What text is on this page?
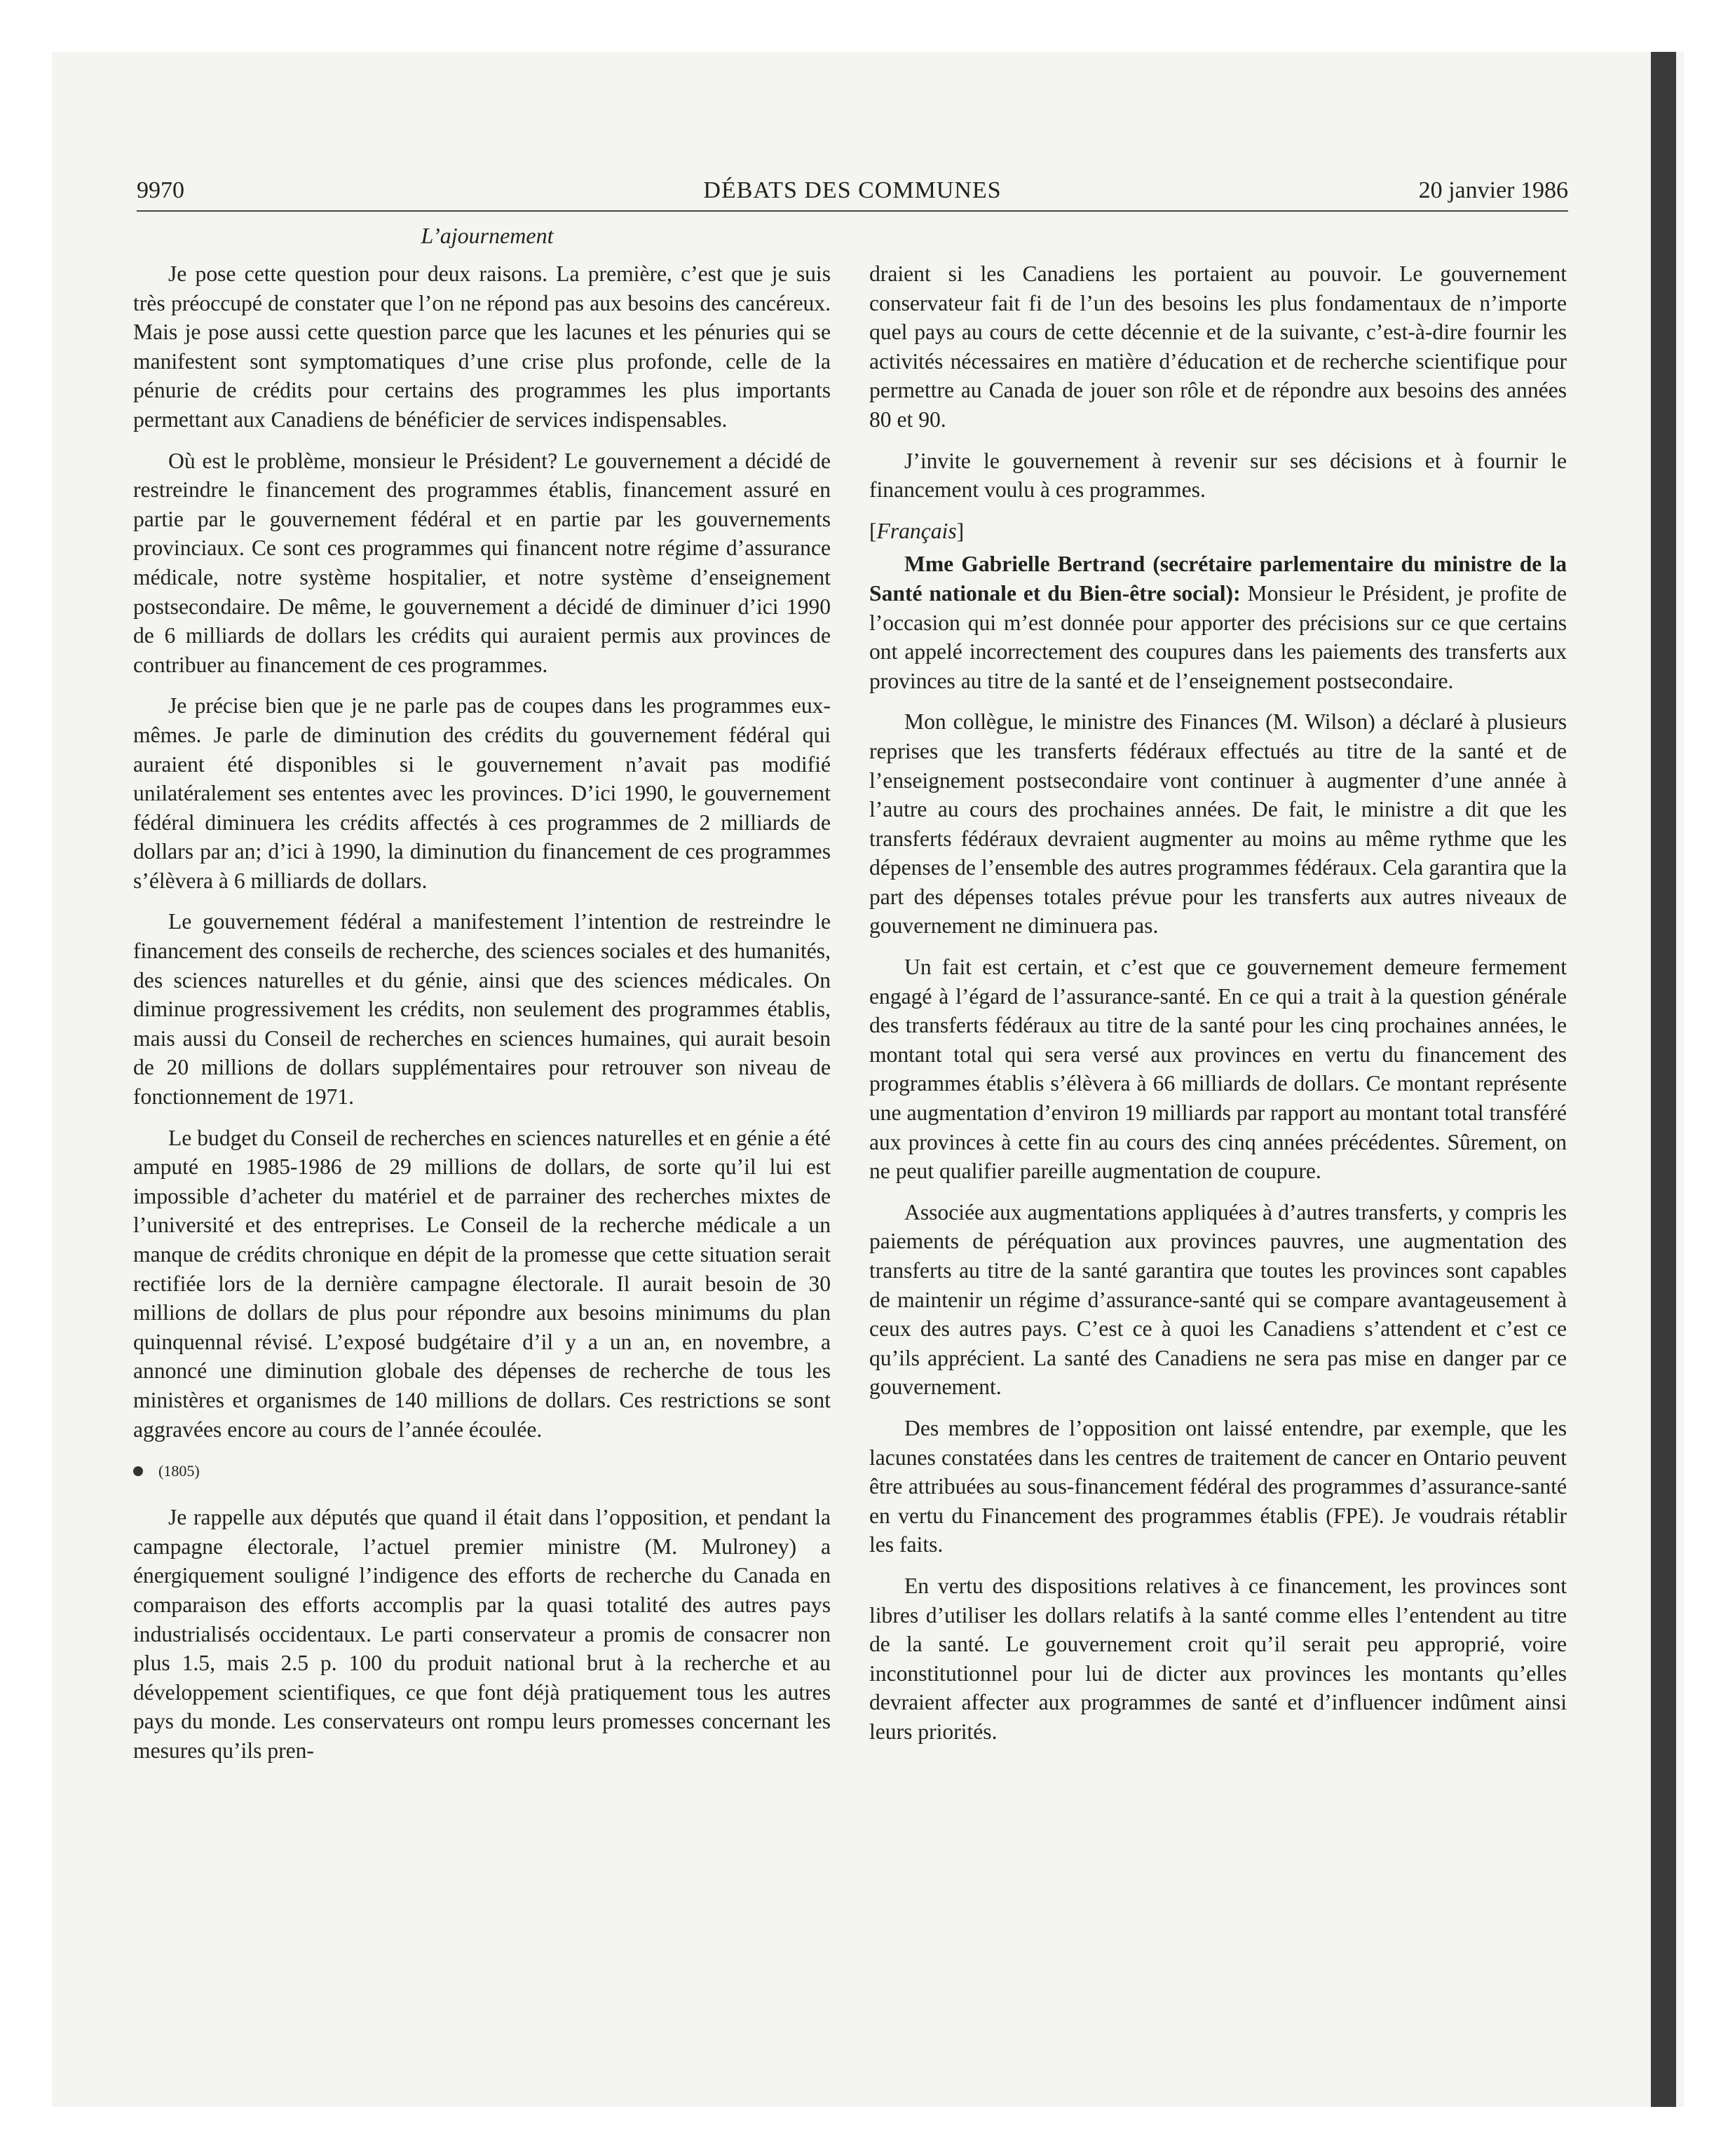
9970	DÉBATS DES COMMUNES	20 janvier 1986
L’ajournement

Je pose cette question pour deux raisons. La première, c’est que je suis très préoccupé de constater que l’on ne répond pas aux besoins des cancéreux. Mais je pose aussi cette question parce que les lacunes et les pénuries qui se manifestent sont symptomatiques d’une crise plus profonde, celle de la pénurie de crédits pour certains des programmes les plus importants permettant aux Canadiens de bénéficier de services indispensables.

Où est le problème, monsieur le Président? Le gouvernement a décidé de restreindre le financement des programmes établis, financement assuré en partie par le gouvernement fédéral et en partie par les gouvernements provinciaux. Ce sont ces programmes qui financent notre régime d’assurance médicale, notre système hospitalier, et notre système d’enseignement postsecondaire. De même, le gouvernement a décidé de diminuer d’ici 1990 de 6 milliards de dollars les crédits qui auraient permis aux provinces de contribuer au financement de ces programmes.

Je précise bien que je ne parle pas de coupes dans les programmes eux-mêmes. Je parle de diminution des crédits du gouvernement fédéral qui auraient été disponibles si le gouvernement n’avait pas modifié unilatéralement ses ententes avec les provinces. D’ici 1990, le gouvernement fédéral diminuera les crédits affectés à ces programmes de 2 milliards de dollars par an; d’ici à 1990, la diminution du financement de ces programmes s’élèvera à 6 milliards de dollars.

Le gouvernement fédéral a manifestement l’intention de restreindre le financement des conseils de recherche, des sciences sociales et des humanités, des sciences naturelles et du génie, ainsi que des sciences médicales. On diminue progressivement les crédits, non seulement des programmes établis, mais aussi du Conseil de recherches en sciences humaines, qui aurait besoin de 20 millions de dollars supplémentaires pour retrouver son niveau de fonctionnement de 1971.

Le budget du Conseil de recherches en sciences naturelles et en génie a été amputé en 1985-1986 de 29 millions de dollars, de sorte qu’il lui est impossible d’acheter du matériel et de parrainer des recherches mixtes de l’université et des entreprises. Le Conseil de la recherche médicale a un manque de crédits chronique en dépit de la promesse que cette situation serait rectifiée lors de la dernière campagne électorale. Il aurait besoin de 30 millions de dollars de plus pour répondre aux besoins minimums du plan quinquennal révisé. L’exposé budgétaire d’il y a un an, en novembre, a annoncé une diminution globale des dépenses de recherche de tous les ministères et organismes de 140 millions de dollars. Ces restrictions se sont aggravées encore au cours de l’année écoulée.

(1805)

Je rappelle aux députés que quand il était dans l’opposition, et pendant la campagne électorale, l’actuel premier ministre (M. Mulroney) a énergiquement souligné l’indigence des efforts de recherche du Canada en comparaison des efforts accomplis par la quasi totalité des autres pays industrialisés occidentaux. Le parti conservateur a promis de consacrer non plus 1.5, mais 2.5 p. 100 du produit national brut à la recherche et au développement scientifiques, ce que font déjà pratiquement tous les autres pays du monde. Les conservateurs ont rompu leurs promesses concernant les mesures qu’ils pren-

draient si les Canadiens les portaient au pouvoir. Le gouvernement conservateur fait fi de l’un des besoins les plus fondamentaux de n’importe quel pays au cours de cette décennie et de la suivante, c’est-à-dire fournir les activités nécessaires en matière d’éducation et de recherche scientifique pour permettre au Canada de jouer son rôle et de répondre aux besoins des années 80 et 90.

J’invite le gouvernement à revenir sur ses décisions et à fournir le financement voulu à ces programmes.

[Français]

Mme Gabrielle Bertrand (secrétaire parlementaire du ministre de la Santé nationale et du Bien-être social): Monsieur le Président, je profite de l’occasion qui m’est donnée pour apporter des précisions sur ce que certains ont appelé incorrectement des coupures dans les paiements des transferts aux provinces au titre de la santé et de l’enseignement postsecondaire.

Mon collègue, le ministre des Finances (M. Wilson) a déclaré à plusieurs reprises que les transferts fédéraux effectués au titre de la santé et de l’enseignement postsecondaire vont continuer à augmenter d’une année à l’autre au cours des prochaines années. De fait, le ministre a dit que les transferts fédéraux devraient augmenter au moins au même rythme que les dépenses de l’ensemble des autres programmes fédéraux. Cela garantira que la part des dépenses totales prévue pour les transferts aux autres niveaux de gouvernement ne diminuera pas.

Un fait est certain, et c’est que ce gouvernement demeure fermement engagé à l’égard de l’assurance-santé. En ce qui a trait à la question générale des transferts fédéraux au titre de la santé pour les cinq prochaines années, le montant total qui sera versé aux provinces en vertu du financement des programmes établis s’élèvera à 66 milliards de dollars. Ce montant représente une augmentation d’environ 19 milliards par rapport au montant total transféré aux provinces à cette fin au cours des cinq années précédentes. Sûrement, on ne peut qualifier pareille augmentation de coupure.

Associée aux augmentations appliquées à d’autres transferts, y compris les paiements de péréquation aux provinces pauvres, une augmentation des transferts au titre de la santé garantira que toutes les provinces sont capables de maintenir un régime d’assurance-santé qui se compare avantageusement à ceux des autres pays. C’est ce à quoi les Canadiens s’attendent et c’est ce qu’ils apprécient. La santé des Canadiens ne sera pas mise en danger par ce gouvernement.

Des membres de l’opposition ont laissé entendre, par exemple, que les lacunes constatées dans les centres de traitement de cancer en Ontario peuvent être attribuées au sous-financement fédéral des programmes d’assurance-santé en vertu du Financement des programmes établis (FPE). Je voudrais rétablir les faits.

En vertu des dispositions relatives à ce financement, les provinces sont libres d’utiliser les dollars relatifs à la santé comme elles l’entendent au titre de la santé. Le gouvernement croit qu’il serait peu approprié, voire inconstitutionnel pour lui de dicter aux provinces les montants qu’elles devraient affecter aux programmes de santé et d’influencer indûment ainsi leurs priorités.
